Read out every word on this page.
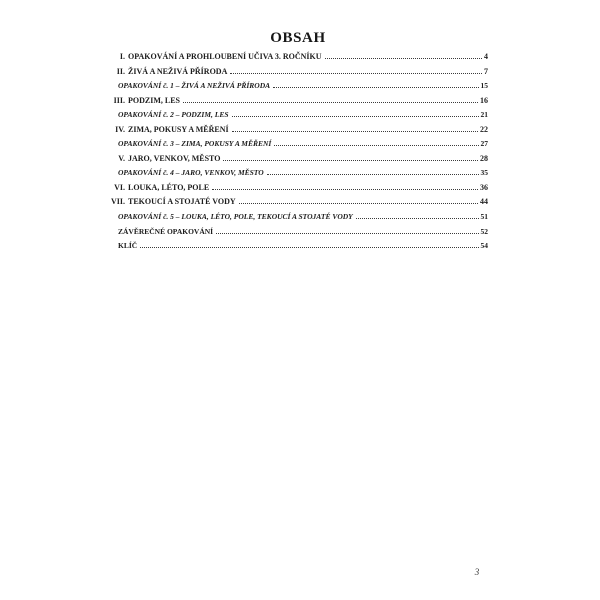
OBSAH
I. OPAKOVÁNÍ A PROHLOUBENÍ UČIVA 3. ROČNÍKU	4
II. ŽIVÁ A NEŽIVÁ PŘÍRODA	7
OPAKOVÁNÍ č. 1 – ŽIVÁ A NEŽIVÁ PŘÍRODA	15
III. PODZIM, LES	16
OPAKOVÁNÍ č. 2 – PODZIM, LES	21
IV. ZIMA, POKUSY A MĚŘENÍ	22
OPAKOVÁNÍ č. 3 – ZIMA, POKUSY A MĚŘENÍ	27
V. JARO, VENKOV, MĚSTO	28
OPAKOVÁNÍ č. 4 – JARO, VENKOV, MĚSTO	35
VI. LOUKA, LÉTO, POLE	36
VII. TEKOUCÍ A STOJATÉ VODY	44
OPAKOVÁNÍ č. 5 – LOUKA, LÉTO, POLE, TEKOUCÍ A STOJATÉ VODY	51
ZÁVĚREČNÉ OPAKOVÁNÍ	52
KLÍČ	54
3
